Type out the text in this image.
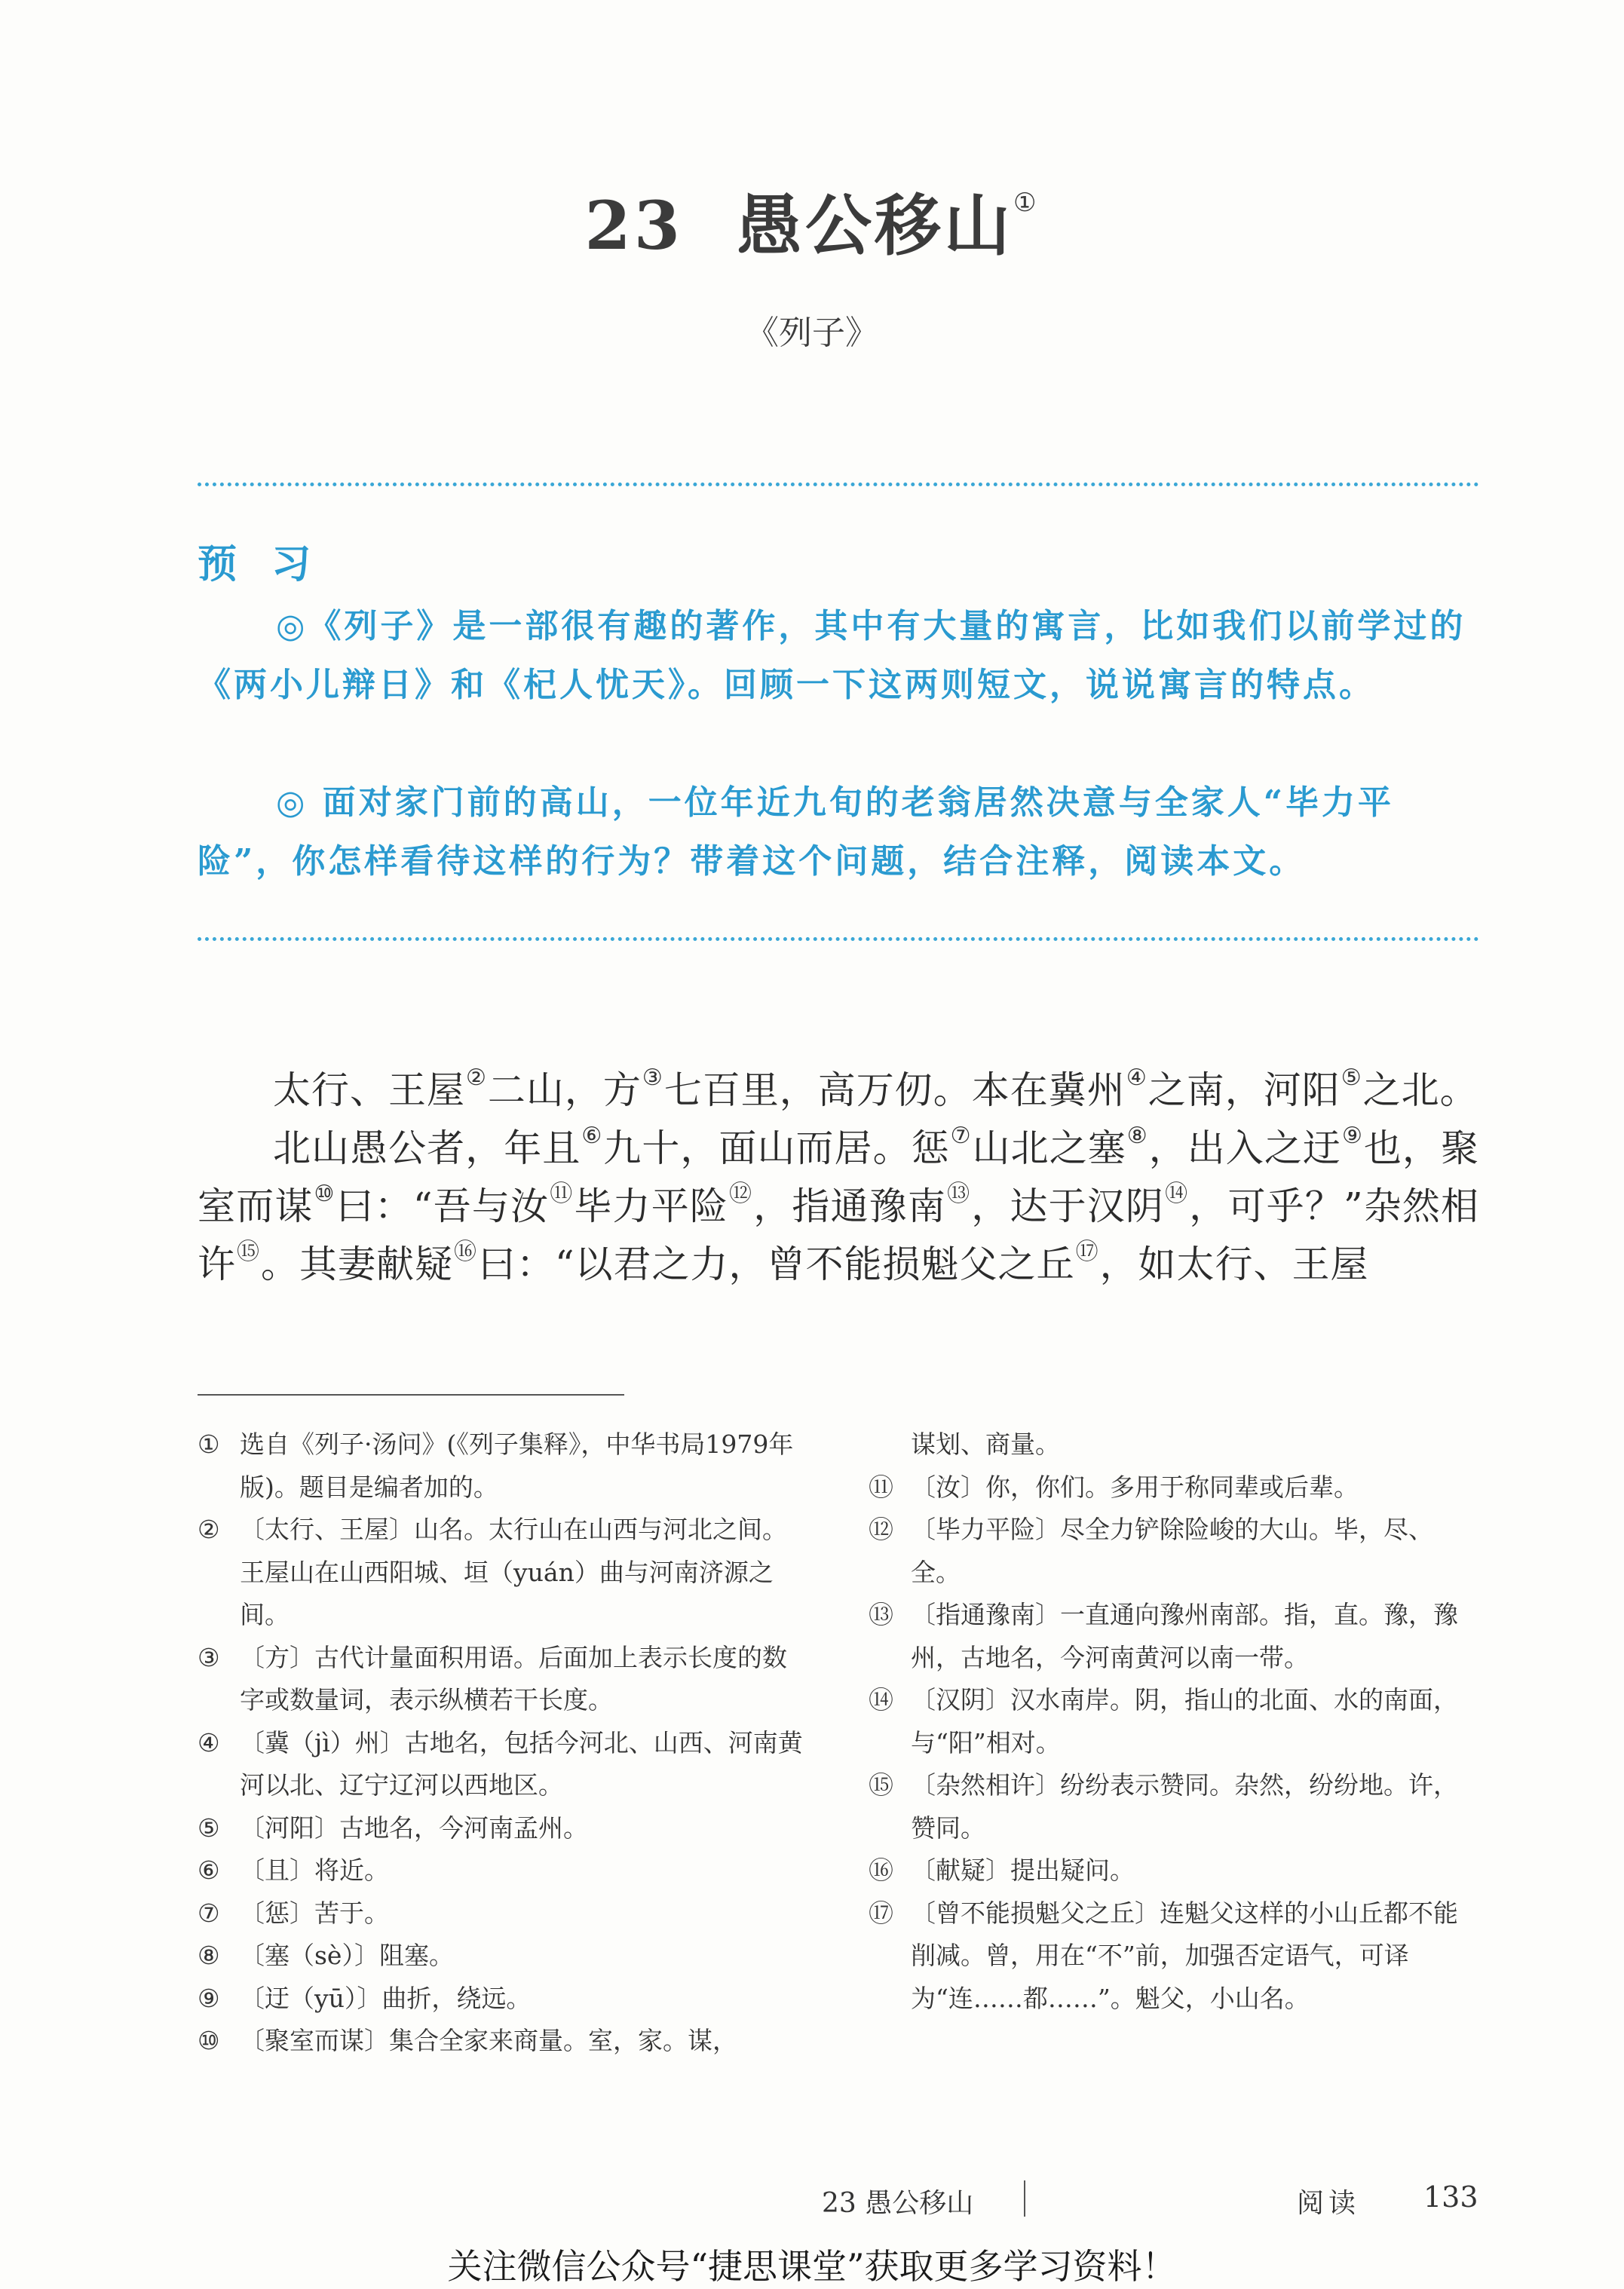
23 愚公移山①
《列子》
预 习

◎《列子》是一部很有趣的著作，其中有大量的寓言，比如我们以前学过的《两小儿辩日》和《杞人忧天》。回顾一下这两则短文，说说寓言的特点。

◎ 面对家门前的高山，一位年近九旬的老翁居然决意与全家人“毕力平险”，你怎样看待这样的行为？带着这个问题，结合注释，阅读本文。

太行、王屋②二山，方③七百里，高万仞。本在冀州④之南，河阳⑤之北。

北山愚公者，年且⑥九十，面山而居。惩⑦山北之塞⑧，出入之迂⑨也，聚室而谋⑩曰：“吾与汝⑪毕力平险⑫，指通豫南⑬，达于汉阴⑭，可乎？”杂然相许⑮。其妻献疑⑯曰：“以君之力，曾不能损魁父之丘⑰，如太行、王屋

① 选自《列子·汤问》(《列子集释》，中华书局1979年版)。题目是编者加的。
② 〔太行、王屋〕山名。太行山在山西与河北之间。王屋山在山西阳城、垣（yuán）曲与河南济源之间。
③ 〔方〕古代计量面积用语。后面加上表示长度的数字或数量词，表示纵横若干长度。
④ 〔冀（jì）州〕古地名，包括今河北、山西、河南黄河以北、辽宁辽河以西地区。
⑤ 〔河阳〕古地名，今河南孟州。
⑥ 〔且〕将近。
⑦ 〔惩〕苦于。
⑧ 〔塞（sè）〕阻塞。
⑨ 〔迂（yū）〕曲折，绕远。
⑩ 〔聚室而谋〕集合全家来商量。室，家。谋，
谋划、商量。
⑪ 〔汝〕你，你们。多用于称同辈或后辈。
⑫ 〔毕力平险〕尽全力铲除险峻的大山。毕，尽、全。
⑬ 〔指通豫南〕一直通向豫州南部。指，直。豫，豫州，古地名，今河南黄河以南一带。
⑭ 〔汉阴〕汉水南岸。阴，指山的北面、水的南面，与“阳”相对。
⑮ 〔杂然相许〕纷纷表示赞同。杂然，纷纷地。许，赞同。
⑯ 〔献疑〕提出疑问。
⑰ 〔曾不能损魁父之丘〕连魁父这样的小山丘都不能削减。曾，用在“不”前，加强否定语气，可译为“连……都……”。魁父，小山名。
23 愚公移山	阅读 133
关注微信公众号“捷思课堂”获取更多学习资料！
